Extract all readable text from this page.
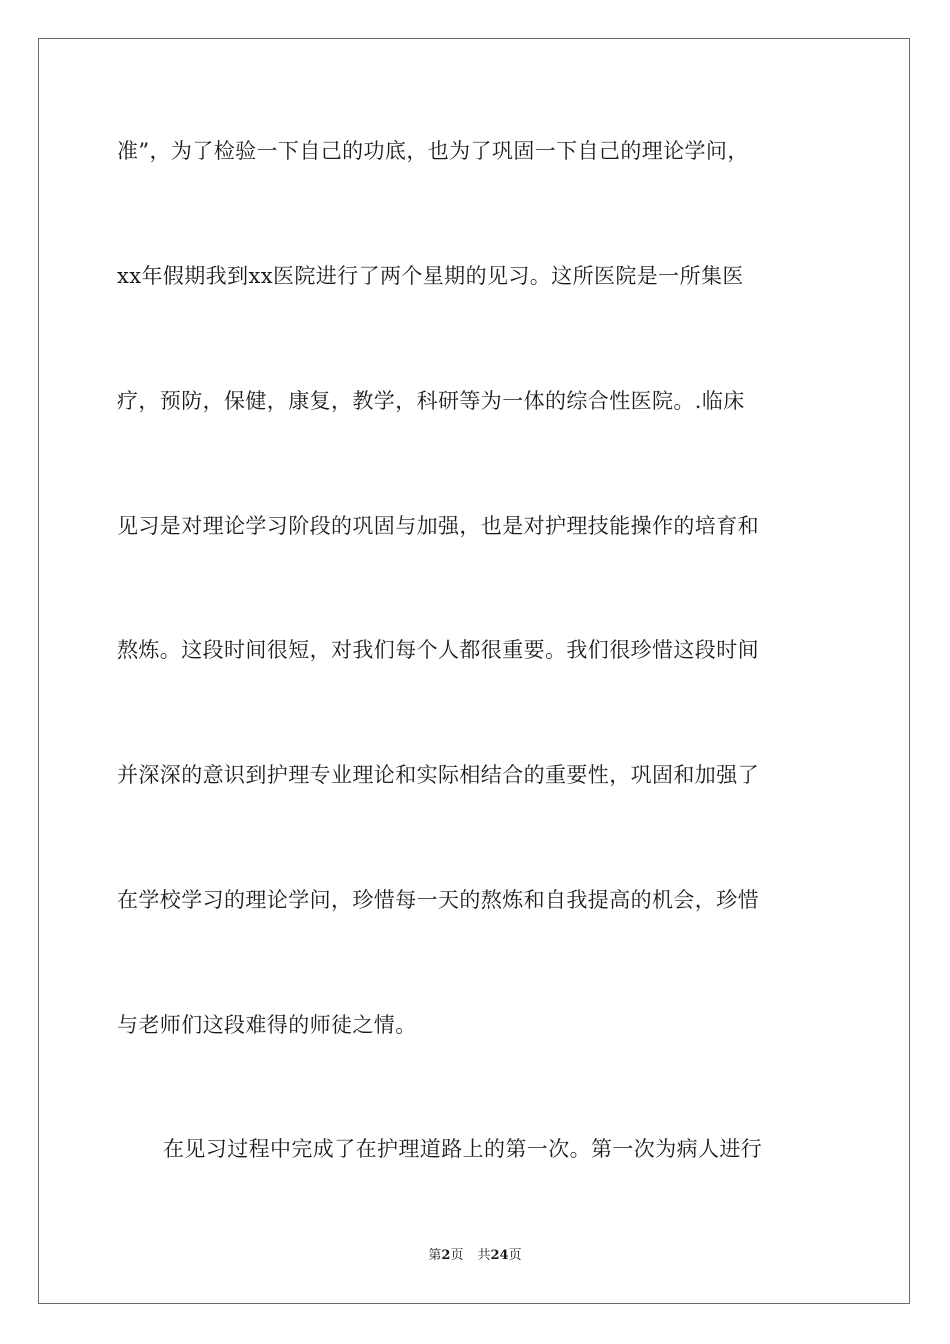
准”，为了检验一下自己的功底，也为了巩固一下自己的理论学问，
xx年假期我到xx医院进行了两个星期的见习。这所医院是一所集医
疗，预防，保健，康复，教学，科研等为一体的综合性医院。.临床
见习是对理论学习阶段的巩固与加强，也是对护理技能操作的培育和
熬炼。这段时间很短，对我们每个人都很重要。我们很珍惜这段时间
并深深的意识到护理专业理论和实际相结合的重要性，巩固和加强了
在学校学习的理论学问，珍惜每一天的熬炼和自我提高的机会，珍惜
与老师们这段难得的师徒之情。
在见习过程中完成了在护理道路上的第一次。第一次为病人进行
第2页 共24页
